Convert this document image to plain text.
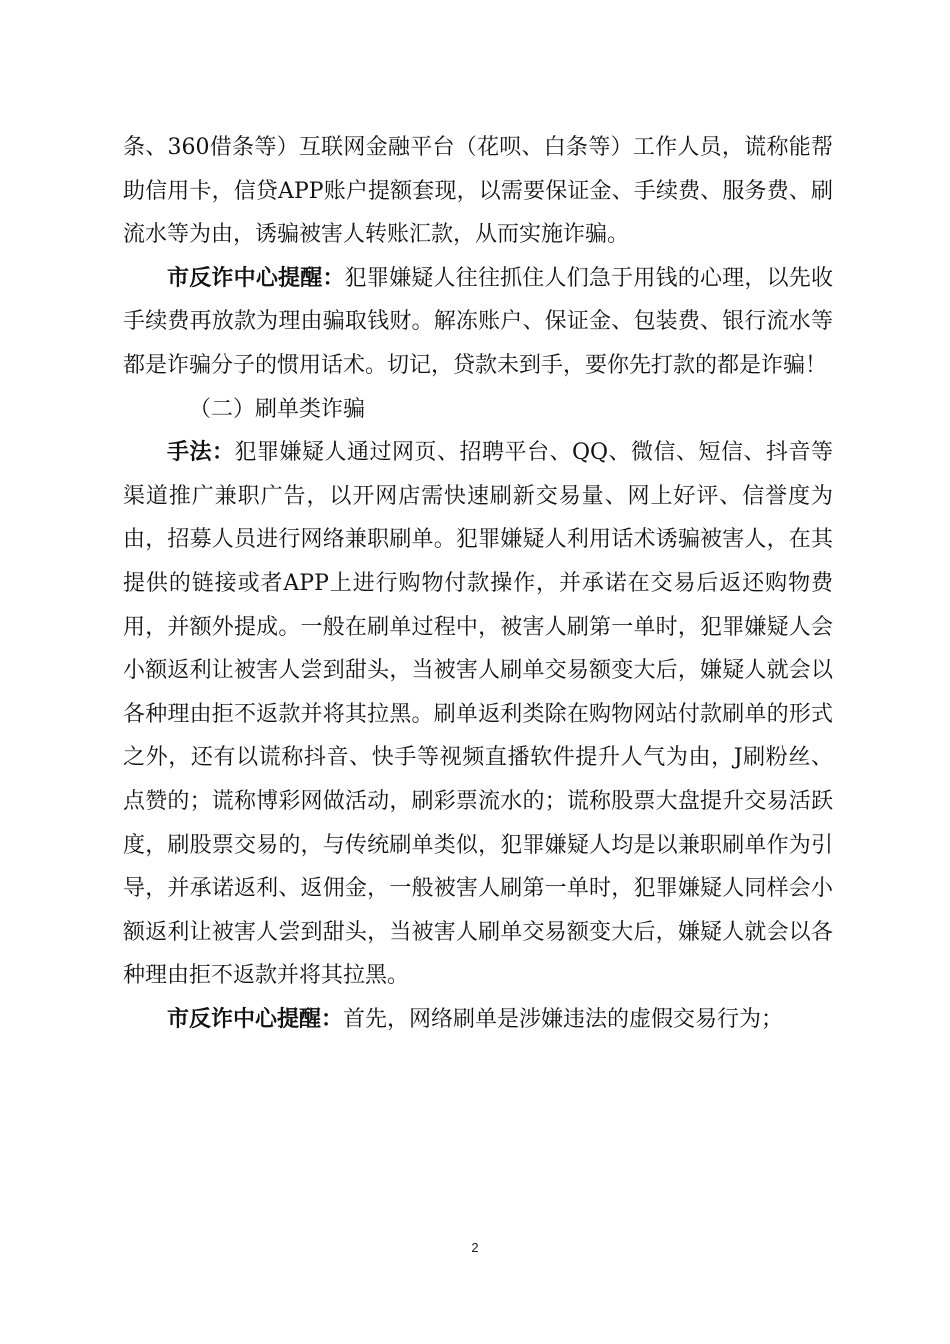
条、360借条等）互联网金融平台（花呗、白条等）工作人员，谎称能帮助信用卡，信贷APP账户提额套现，以需要保证金、手续费、服务费、刷流水等为由，诱骗被害人转账汇款，从而实施诈骗。

市反诈中心提醒：犯罪嫌疑人往往抓住人们急于用钱的心理，以先收手续费再放款为理由骗取钱财。解冻账户、保证金、包装费、银行流水等都是诈骗分子的惯用话术。切记，贷款未到手，要你先打款的都是诈骗！

（二）刷单类诈骗

手法：犯罪嫌疑人通过网页、招聘平台、QQ、微信、短信、抖音等渠道推广兼职广告，以开网店需快速刷新交易量、网上好评、信誉度为由，招募人员进行网络兼职刷单。犯罪嫌疑人利用话术诱骗被害人，在其提供的链接或者APP上进行购物付款操作，并承诺在交易后返还购物费用，并额外提成。一般在刷单过程中，被害人刷第一单时，犯罪嫌疑人会小额返利让被害人尝到甜头，当被害人刷单交易额变大后，嫌疑人就会以各种理由拒不返款并将其拉黑。刷单返利类除在购物网站付款刷单的形式之外，还有以谎称抖音、快手等视频直播软件提升人气为由，J刷粉丝、点赞的；谎称博彩网做活动，刷彩票流水的；谎称股票大盘提升交易活跃度，刷股票交易的，与传统刷单类似，犯罪嫌疑人均是以兼职刷单作为引导，并承诺返利、返佣金，一般被害人刷第一单时，犯罪嫌疑人同样会小额返利让被害人尝到甜头，当被害人刷单交易额变大后，嫌疑人就会以各种理由拒不返款并将其拉黑。

市反诈中心提醒：首先，网络刷单是涉嫌违法的虚假交易行为；

2
